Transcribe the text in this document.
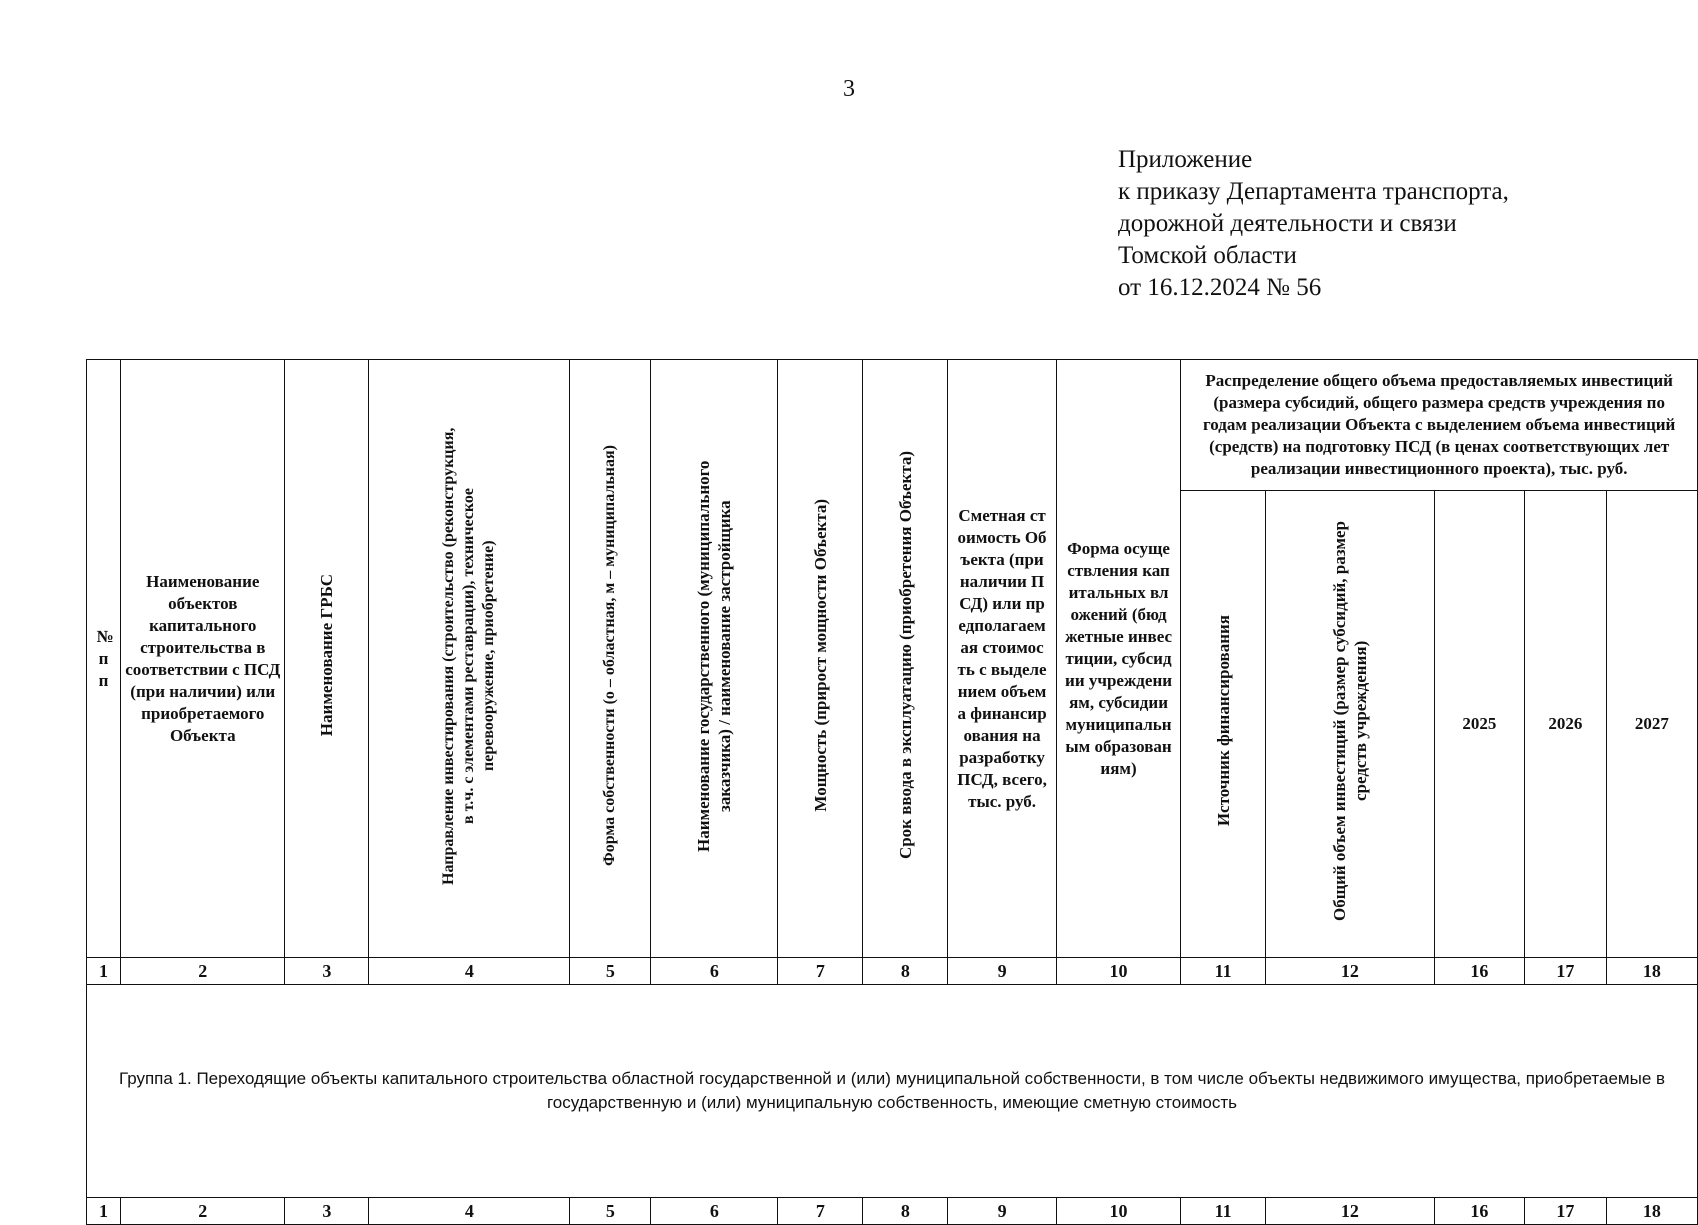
3
Приложение
к приказу Департамента транспорта,
дорожной деятельности и связи
Томской области
от 16.12.2024 № 56
№ п п	Наименование объектов капитального строительства в соответствии с ПСД (при наличии) или приобретаемого Объекта	Наименование ГРБС	Направление инвестирования (строительство (реконструкция, в т.ч. с элементами реставрации), техническое перевооружение, приобретение)	Форма собственности (о – областная, м – муниципальная)	Наименование государственного (муниципального заказчика) / наименование застройщика	Мощность (прирост мощности Объекта)	Срок ввода в эксплуатацию (приобретения Объекта)	Сметная стоимость Объекта (при наличии ПСД) или предполагаемая стоимость с выделением объема финансирования на разработку ПСД, всего, тыс. руб.	Форма осуществления капитальных вложений (бюджетные инвестиции, субсидии учреждениям, субсидии муниципальным образованиям)	Распределение общего объема предоставляемых инвестиций (размера субсидий, общего размера средств учреждения по годам реализации Объекта с выделением объема инвестиций (средств) на подготовку ПСД (в ценах соответствующих лет реализации инвестиционного проекта), тыс. руб.				

										Источник финансирования	Общий объем инвестиций (размер субсидий, размер средств учреждения)	2025	2026	2027
1	2	3	4	5	6	7	8	9	10	11	12	16	17	18

Группа 1. Переходящие объекты капитального строительства областной государственной и (или) муниципальной собственности, в том числе объекты недвижимого имущества, приобретаемые в государственную и (или) муниципальную собственность, имеющие сметную стоимость														

1	2	3	4	5	6	7	8	9	10	11	12	16	17	18
